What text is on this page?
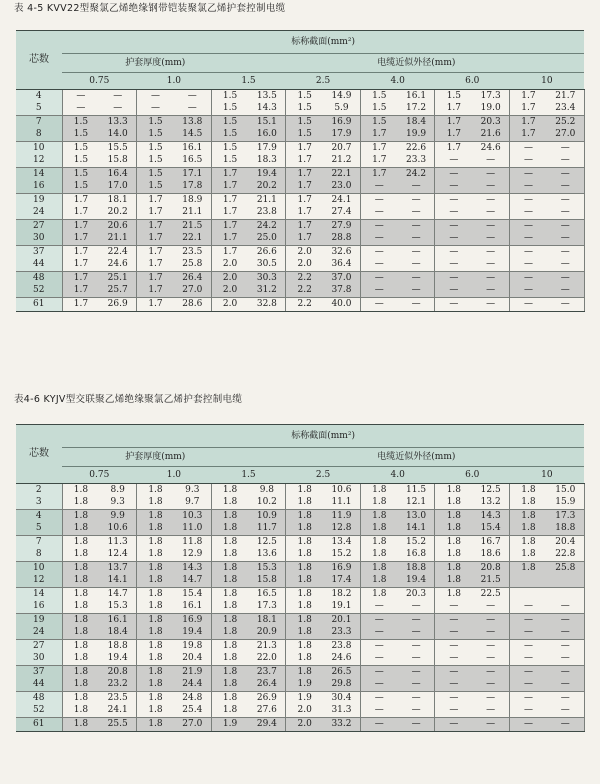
表 4-5 KVV22型聚氯乙烯绝缘钢带铠装聚氯乙烯护套控制电缆
芯数	标称截面(mm²)													
	护套厚度(mm)					电缆近似外径(mm)								
	0.75		1.0		1.5		2.5		4.0		6.0		10	
4	—	—	—	—	1.5	13.5	1.5	14.9	1.5	16.1	1.5	17.3	1.7	21.7
5	—	—	—	—	1.5	14.3	1.5	5.9	1.5	17.2	1.7	19.0	1.7	23.4
7	1.5	13.3	1.5	13.8	1.5	15.1	1.5	16.9	1.5	18.4	1.7	20.3	1.7	25.2
8	1.5	14.0	1.5	14.5	1.5	16.0	1.5	17.9	1.7	19.9	1.7	21.6	1.7	27.0
10	1.5	15.5	1.5	16.1	1.5	17.9	1.7	20.7	1.7	22.6	1.7	24.6	—	—
12	1.5	15.8	1.5	16.5	1.5	18.3	1.7	21.2	1.7	23.3	—	—	—	—
14	1.5	16.4	1.5	17.1	1.7	19.4	1.7	22.1	1.7	24.2	—	—	—	—
16	1.5	17.0	1.5	17.8	1.7	20.2	1.7	23.0	—	—	—	—	—	—
19	1.7	18.1	1.7	18.9	1.7	21.1	1.7	24.1	—	—	—	—	—	—
24	1.7	20.2	1.7	21.1	1.7	23.8	1.7	27.4	—	—	—	—	—	—
27	1.7	20.6	1.7	21.5	1.7	24.2	1.7	27.9	—	—	—	—	—	—
30	1.7	21.1	1.7	22.1	1.7	25.0	1.7	28.8	—	—	—	—	—	—
37	1.7	22.4	1.7	23.5	1.7	26.6	2.0	32.6	—	—	—	—	—	—
44	1.7	24.6	1.7	25.8	2.0	30.5	2.0	36.4	—	—	—	—	—	—
48	1.7	25.1	1.7	26.4	2.0	30.3	2.2	37.0	—	—	—	—	—	—
52	1.7	25.7	1.7	27.0	2.0	31.2	2.2	37.8	—	—	—	—	—	—
61	1.7	26.9	1.7	28.6	2.0	32.8	2.2	40.0	—	—	—	—	—	—
表4-6 KYJV型交联聚乙烯绝缘聚氯乙烯护套控制电缆
芯数	标称截面(mm²)													
	护套厚度(mm)					电缆近似外径(mm)								
	0.75		1.0		1.5		2.5		4.0		6.0		10	
2	1.8	8.9	1.8	9.3	1.8	9.8	1.8	10.6	1.8	11.5	1.8	12.5	1.8	15.0
3	1.8	9.3	1.8	9.7	1.8	10.2	1.8	11.1	1.8	12.1	1.8	13.2	1.8	15.9
4	1.8	9.9	1.8	10.3	1.8	10.9	1.8	11.9	1.8	13.0	1.8	14.3	1.8	17.3
5	1.8	10.6	1.8	11.0	1.8	11.7	1.8	12.8	1.8	14.1	1.8	15.4	1.8	18.8
7	1.8	11.3	1.8	11.8	1.8	12.5	1.8	13.4	1.8	15.2	1.8	16.7	1.8	20.4
8	1.8	12.4	1.8	12.9	1.8	13.6	1.8	15.2	1.8	16.8	1.8	18.6	1.8	22.8
10	1.8	13.7	1.8	14.3	1.8	15.3	1.8	16.9	1.8	18.8	1.8	20.8	1.8	25.8
12	1.8	14.1	1.8	14.7	1.8	15.8	1.8	17.4	1.8	19.4	1.8	21.5		
14	1.8	14.7	1.8	15.4	1.8	16.5	1.8	18.2	1.8	20.3	1.8	22.5		
16	1.8	15.3	1.8	16.1	1.8	17.3	1.8	19.1	—	—	—	—	—	—
19	1.8	16.1	1.8	16.9	1.8	18.1	1.8	20.1	—	—	—	—	—	—
24	1.8	18.4	1.8	19.4	1.8	20.9	1.8	23.3	—	—	—	—	—	—
27	1.8	18.8	1.8	19.8	1.8	21.3	1.8	23.8	—	—	—	—	—	—
30	1.8	19.4	1.8	20.4	1.8	22.0	1.8	24.6	—	—	—	—	—	—
37	1.8	20.8	1.8	21.9	1.8	23.7	1.8	26.5	—	—	—	—	—	—
44	1.8	23.2	1.8	24.4	1.8	26.4	1.9	29.8	—	—	—	—	—	—
48	1.8	23.5	1.8	24.8	1.8	26.9	1.9	30.4	—	—	—	—	—	—
52	1.8	24.1	1.8	25.4	1.8	27.6	2.0	31.3	—	—	—	—	—	—
61	1.8	25.5	1.8	27.0	1.9	29.4	2.0	33.2	—	—	—	—	—	—
